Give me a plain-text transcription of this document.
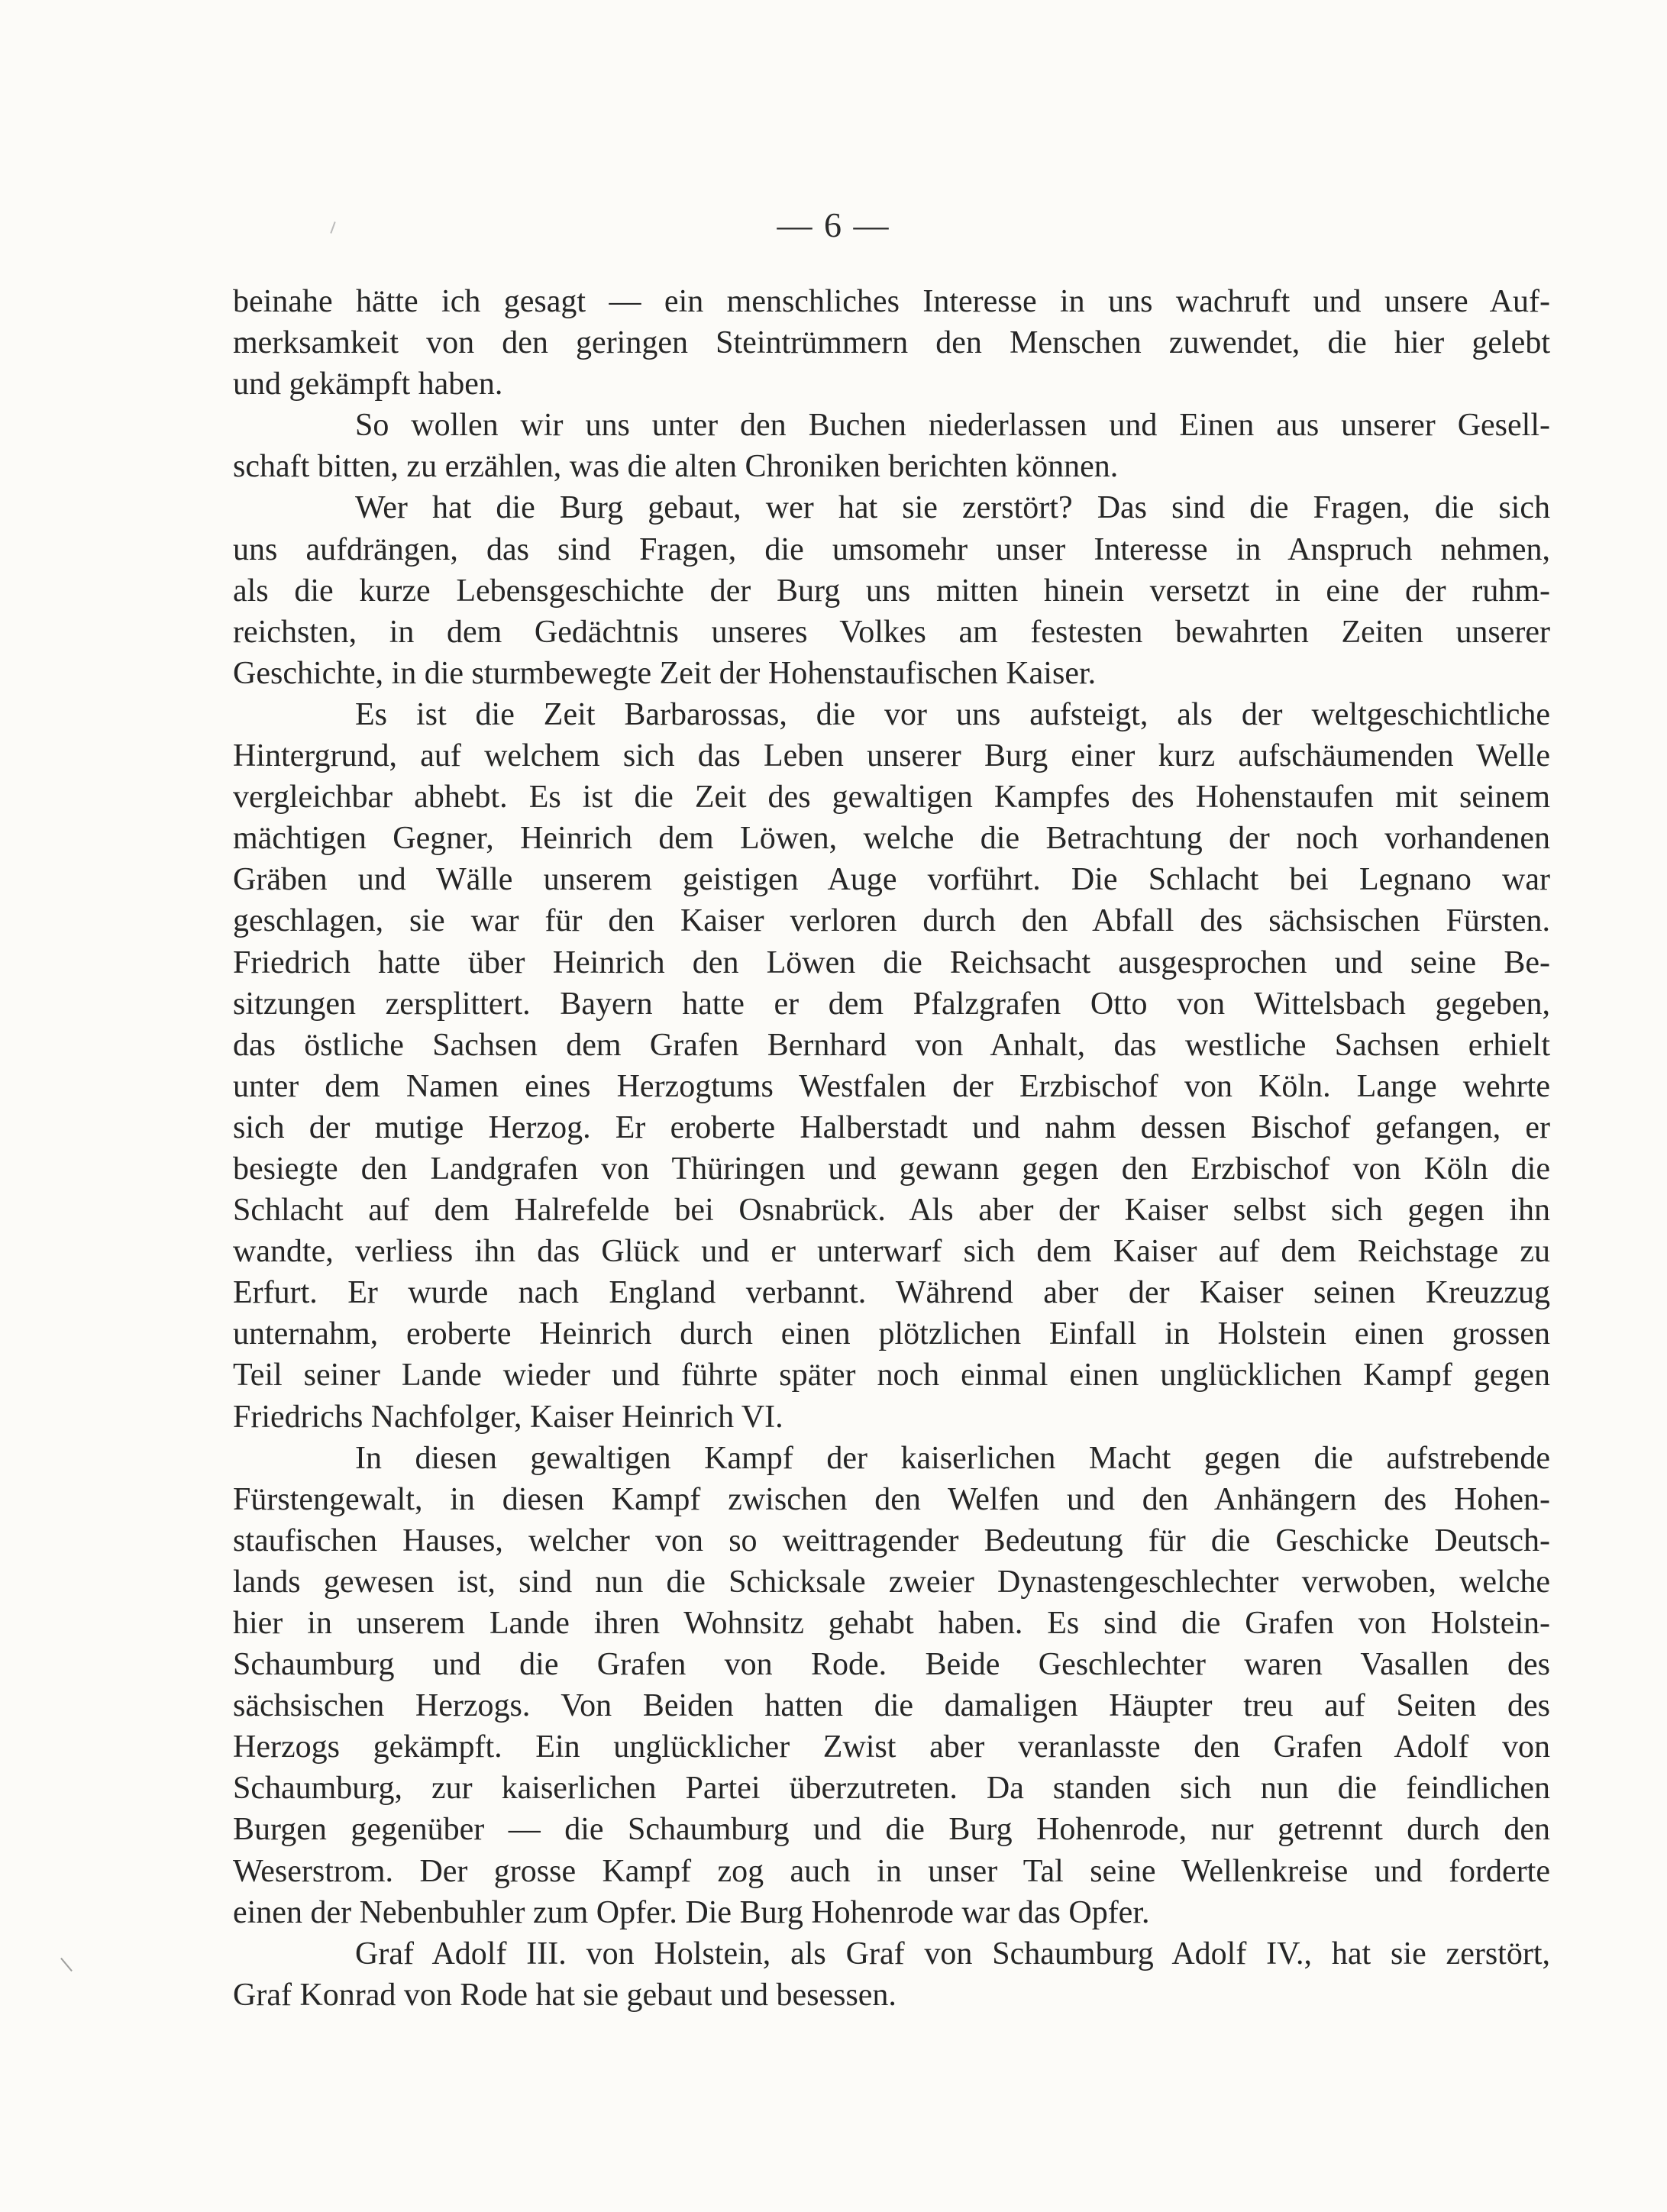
— 6 —
beinahe hätte ich gesagt — ein menschliches Interesse in uns wachruft und unsere Auf-
merksamkeit von den geringen Steintrümmern den Menschen zuwendet, die hier gelebt
und gekämpft haben.
So wollen wir uns unter den Buchen niederlassen und Einen aus unserer Gesell-
schaft bitten, zu erzählen, was die alten Chroniken berichten können.
Wer hat die Burg gebaut, wer hat sie zerstört? Das sind die Fragen, die sich
uns aufdrängen, das sind Fragen, die umsomehr unser Interesse in Anspruch nehmen,
als die kurze Lebensgeschichte der Burg uns mitten hinein versetzt in eine der ruhm-
reichsten, in dem Gedächtnis unseres Volkes am festesten bewahrten Zeiten unserer
Geschichte, in die sturmbewegte Zeit der Hohenstaufischen Kaiser.
Es ist die Zeit Barbarossas, die vor uns aufsteigt, als der weltgeschichtliche
Hintergrund, auf welchem sich das Leben unserer Burg einer kurz aufschäumenden Welle
vergleichbar abhebt. Es ist die Zeit des gewaltigen Kampfes des Hohenstaufen mit seinem
mächtigen Gegner, Heinrich dem Löwen, welche die Betrachtung der noch vorhandenen
Gräben und Wälle unserem geistigen Auge vorführt. Die Schlacht bei Legnano war
geschlagen, sie war für den Kaiser verloren durch den Abfall des sächsischen Fürsten.
Friedrich hatte über Heinrich den Löwen die Reichsacht ausgesprochen und seine Be-
sitzungen zersplittert. Bayern hatte er dem Pfalzgrafen Otto von Wittelsbach gegeben,
das östliche Sachsen dem Grafen Bernhard von Anhalt, das westliche Sachsen erhielt
unter dem Namen eines Herzogtums Westfalen der Erzbischof von Köln. Lange wehrte
sich der mutige Herzog. Er eroberte Halberstadt und nahm dessen Bischof gefangen, er
besiegte den Landgrafen von Thüringen und gewann gegen den Erzbischof von Köln die
Schlacht auf dem Halrefelde bei Osnabrück. Als aber der Kaiser selbst sich gegen ihn
wandte, verliess ihn das Glück und er unterwarf sich dem Kaiser auf dem Reichstage zu
Erfurt. Er wurde nach England verbannt. Während aber der Kaiser seinen Kreuzzug
unternahm, eroberte Heinrich durch einen plötzlichen Einfall in Holstein einen grossen
Teil seiner Lande wieder und führte später noch einmal einen unglücklichen Kampf gegen
Friedrichs Nachfolger, Kaiser Heinrich VI.
In diesen gewaltigen Kampf der kaiserlichen Macht gegen die aufstrebende
Fürstengewalt, in diesen Kampf zwischen den Welfen und den Anhängern des Hohen-
staufischen Hauses, welcher von so weittragender Bedeutung für die Geschicke Deutsch-
lands gewesen ist, sind nun die Schicksale zweier Dynastengeschlechter verwoben, welche
hier in unserem Lande ihren Wohnsitz gehabt haben. Es sind die Grafen von Holstein-
Schaumburg und die Grafen von Rode. Beide Geschlechter waren Vasallen des
sächsischen Herzogs. Von Beiden hatten die damaligen Häupter treu auf Seiten des
Herzogs gekämpft. Ein unglücklicher Zwist aber veranlasste den Grafen Adolf von
Schaumburg, zur kaiserlichen Partei überzutreten. Da standen sich nun die feindlichen
Burgen gegenüber — die Schaumburg und die Burg Hohenrode, nur getrennt durch den
Weserstrom. Der grosse Kampf zog auch in unser Tal seine Wellenkreise und forderte
einen der Nebenbuhler zum Opfer. Die Burg Hohenrode war das Opfer.
Graf Adolf III. von Holstein, als Graf von Schaumburg Adolf IV., hat sie zerstört,
Graf Konrad von Rode hat sie gebaut und besessen.
